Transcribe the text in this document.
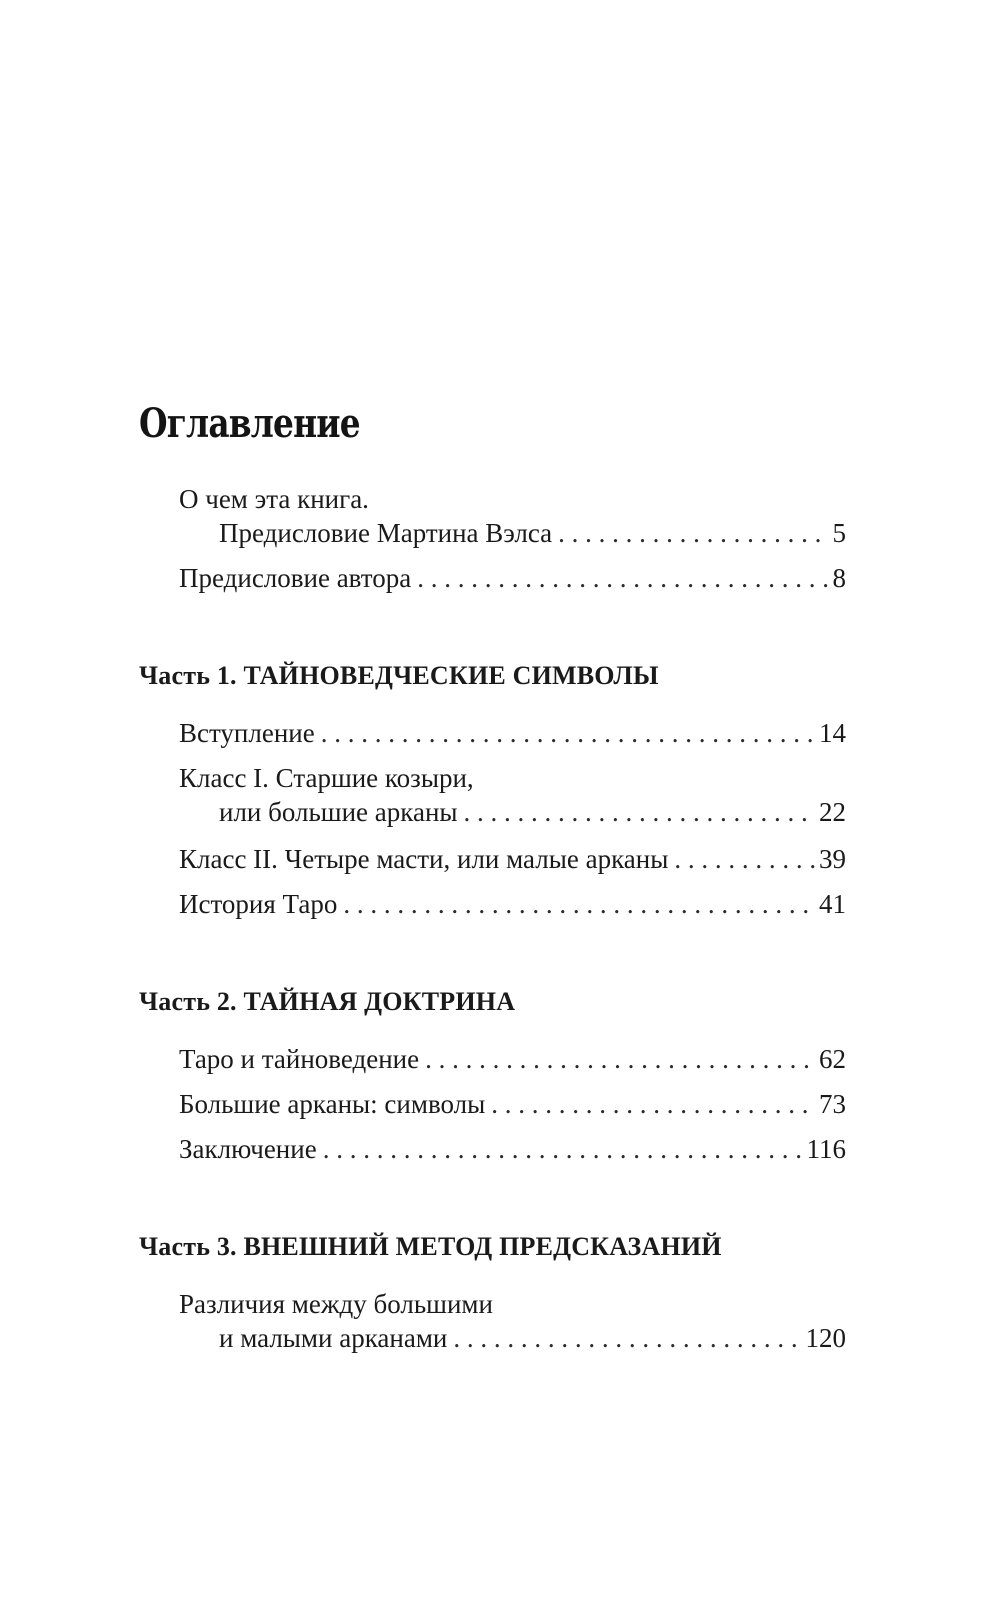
Оглавление
О чем эта книга.
Предисловие Мартина Вэлса . . .	5
Предисловие автора . . .	8
Часть 1. ТАЙНОВЕДЧЕСКИЕ СИМВОЛЫ
Вступление . . .	14
Класс I. Старшие козыри,
или большие арканы . . .	22
Класс II. Четыре масти, или малые арканы . . .	39
История Таро . . .	41
Часть 2. ТАЙНАЯ ДОКТРИНА
Таро и тайноведение . . .	62
Большие арканы: символы . . .	73
Заключение . . .	116
Часть 3. ВНЕШНИЙ МЕТОД ПРЕДСКАЗАНИЙ
Различия между большими
и малыми арканами . . .	120
